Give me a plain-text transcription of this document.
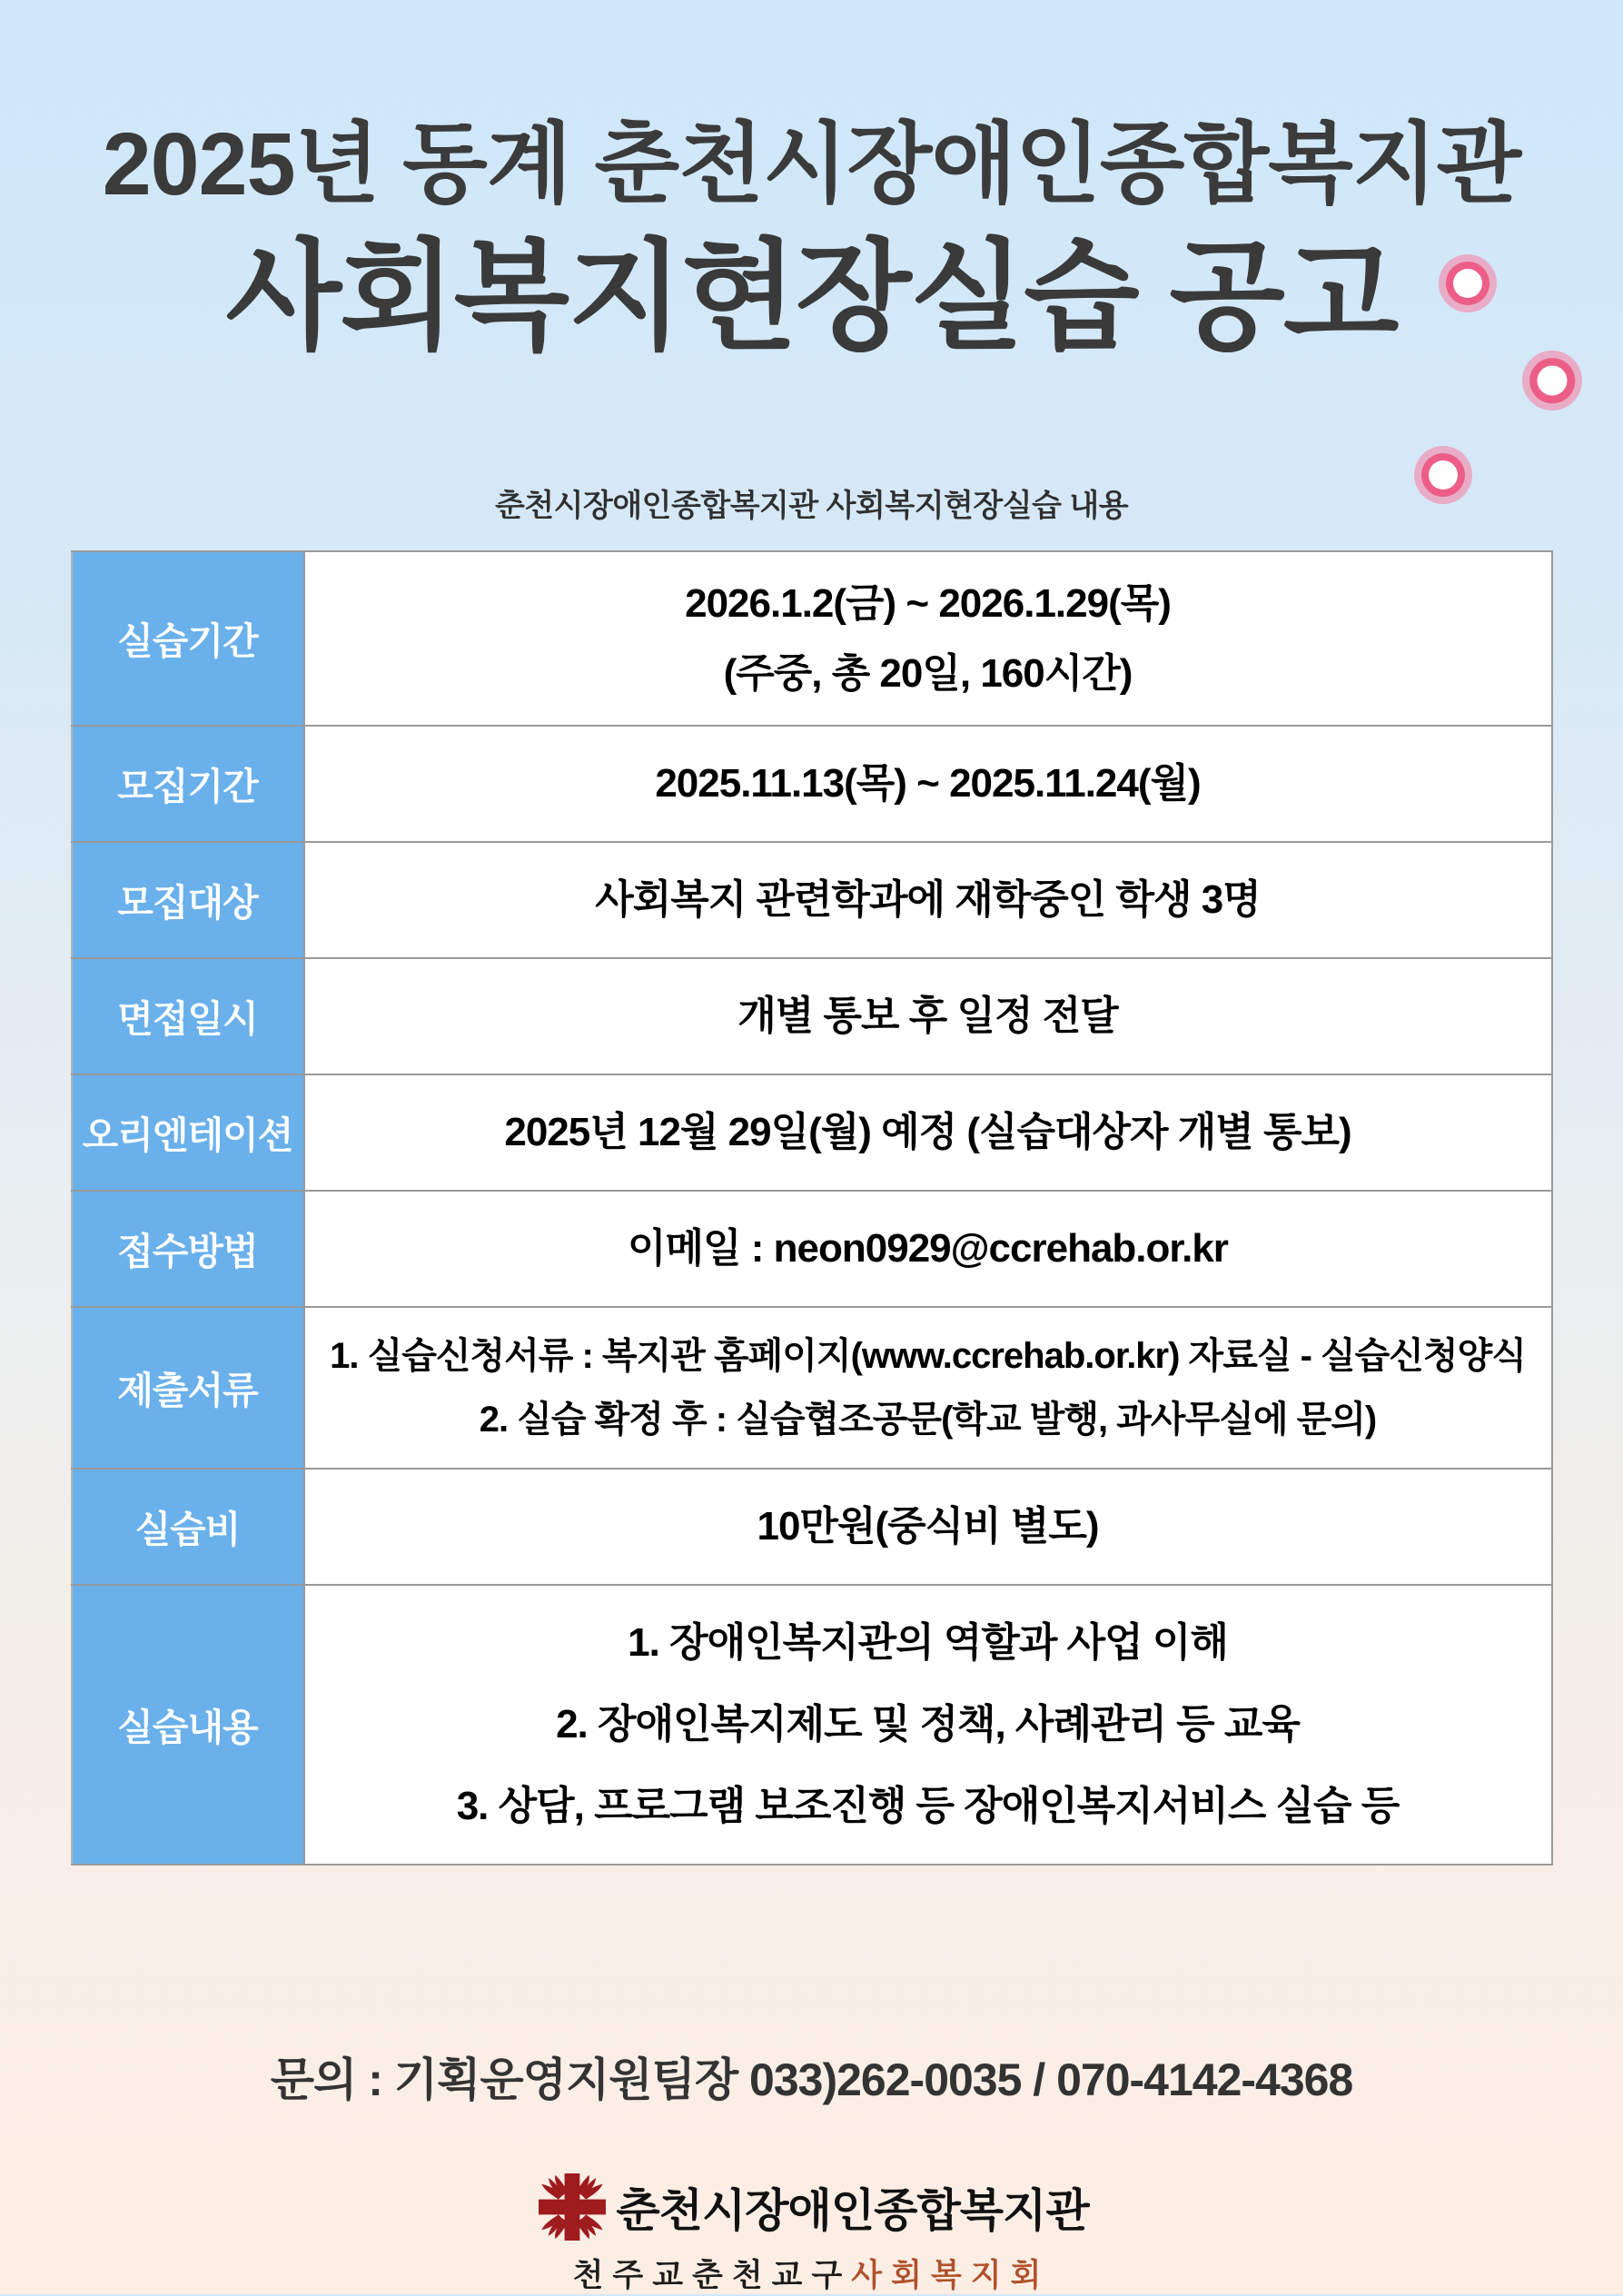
2025년 동계 춘천시장애인종합복지관
사회복지현장실습 공고

춘천시장애인종합복지관 사회복지현장실습 내용

실습기간	2026.1.2(금) ~ 2026.1.29(목)
(주중, 총 20일, 160시간)

모집기간	2025.11.13(목) ~ 2025.11.24(월)

모집대상	사회복지 관련학과에 재학중인 학생 3명

면접일시	개별 통보 후 일정 전달

오리엔테이션	2025년 12월 29일(월) 예정 (실습대상자 개별 통보)

접수방법	이메일 : neon0929@ccrehab.or.kr

제출서류	1. 실습신청서류 : 복지관 홈페이지(www.ccrehab.or.kr) 자료실 - 실습신청양식
2. 실습 확정 후 : 실습협조공문(학교 발행, 과사무실에 문의)

실습비	10만원(중식비 별도)

실습내용	1. 장애인복지관의 역할과 사업 이해
2. 장애인복지제도 및 정책, 사례관리 등 교육
3. 상담, 프로그램 보조진행 등 장애인복지서비스 실습 등

문의 : 기획운영지원팀장 033)262-0035 / 070-4142-4368

춘천시장애인종합복지관
천주교춘천교구사회복지회
